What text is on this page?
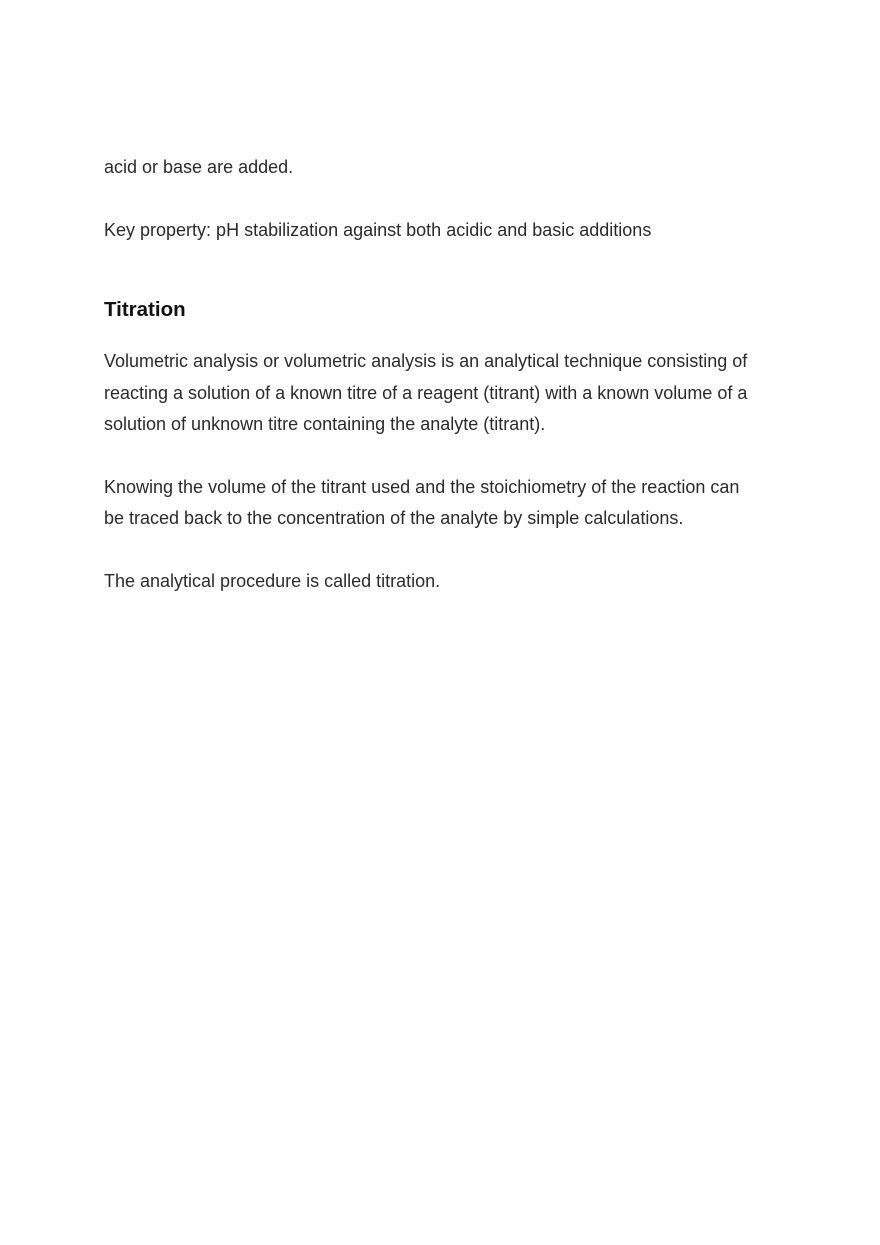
acid or base are added.

Key property: pH stabilization against both acidic and basic additions

Titration

Volumetric analysis or volumetric analysis is an analytical technique consisting of reacting a solution of a known titre of a reagent (titrant) with a known volume of a solution of unknown titre containing the analyte (titrant).

Knowing the volume of the titrant used and the stoichiometry of the reaction can be traced back to the concentration of the analyte by simple calculations.

The analytical procedure is called titration.
